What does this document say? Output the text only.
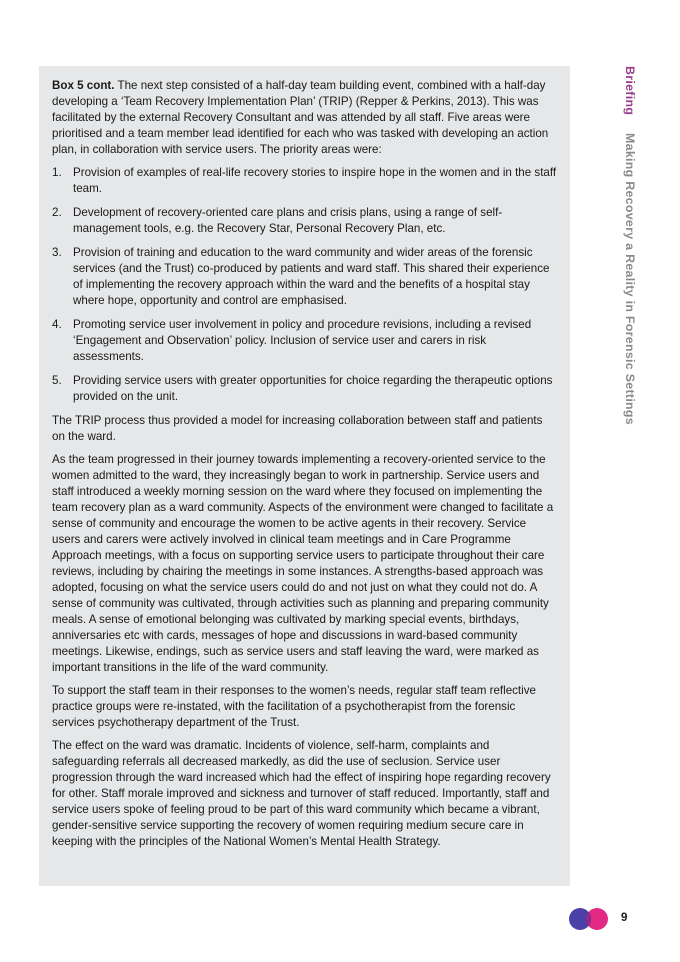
Box 5 cont. The next step consisted of a half-day team building event, combined with a half-day developing a ‘Team Recovery Implementation Plan’ (TRIP) (Repper & Perkins, 2013). This was facilitated by the external Recovery Consultant and was attended by all staff. Five areas were prioritised and a team member lead identified for each who was tasked with developing an action plan, in collaboration with service users. The priority areas were:

1. Provision of examples of real-life recovery stories to inspire hope in the women and in the staff team.
2. Development of recovery-oriented care plans and crisis plans, using a range of self-management tools, e.g. the Recovery Star, Personal Recovery Plan, etc.
3. Provision of training and education to the ward community and wider areas of the forensic services (and the Trust) co-produced by patients and ward staff. This shared their experience of implementing the recovery approach within the ward and the benefits of a hospital stay where hope, opportunity and control are emphasised.
4. Promoting service user involvement in policy and procedure revisions, including a revised ‘Engagement and Observation’ policy. Inclusion of service user and carers in risk assessments.
5. Providing service users with greater opportunities for choice regarding the therapeutic options provided on the unit.

The TRIP process thus provided a model for increasing collaboration between staff and patients on the ward.

As the team progressed in their journey towards implementing a recovery-oriented service to the women admitted to the ward, they increasingly began to work in partnership. Service users and staff introduced a weekly morning session on the ward where they focused on implementing the team recovery plan as a ward community. Aspects of the environment were changed to facilitate a sense of community and encourage the women to be active agents in their recovery. Service users and carers were actively involved in clinical team meetings and in Care Programme Approach meetings, with a focus on supporting service users to participate throughout their care reviews, including by chairing the meetings in some instances. A strengths-based approach was adopted, focusing on what the service users could do and not just on what they could not do. A sense of community was cultivated, through activities such as planning and preparing community meals. A sense of emotional belonging was cultivated by marking special events, birthdays, anniversaries etc with cards, messages of hope and discussions in ward-based community meetings. Likewise, endings, such as service users and staff leaving the ward, were marked as important transitions in the life of the ward community.

To support the staff team in their responses to the women’s needs, regular staff team reflective practice groups were re-instated, with the facilitation of a psychotherapist from the forensic services psychotherapy department of the Trust.

The effect on the ward was dramatic. Incidents of violence, self-harm, complaints and safeguarding referrals all decreased markedly, as did the use of seclusion. Service user progression through the ward increased which had the effect of inspiring hope regarding recovery for other. Staff morale improved and sickness and turnover of staff reduced. Importantly, staff and service users spoke of feeling proud to be part of this ward community which became a vibrant, gender-sensitive service supporting the recovery of women requiring medium secure care in keeping with the principles of the National Women’s Mental Health Strategy.

Briefing Making Recovery a Reality in Forensic Settings
9
